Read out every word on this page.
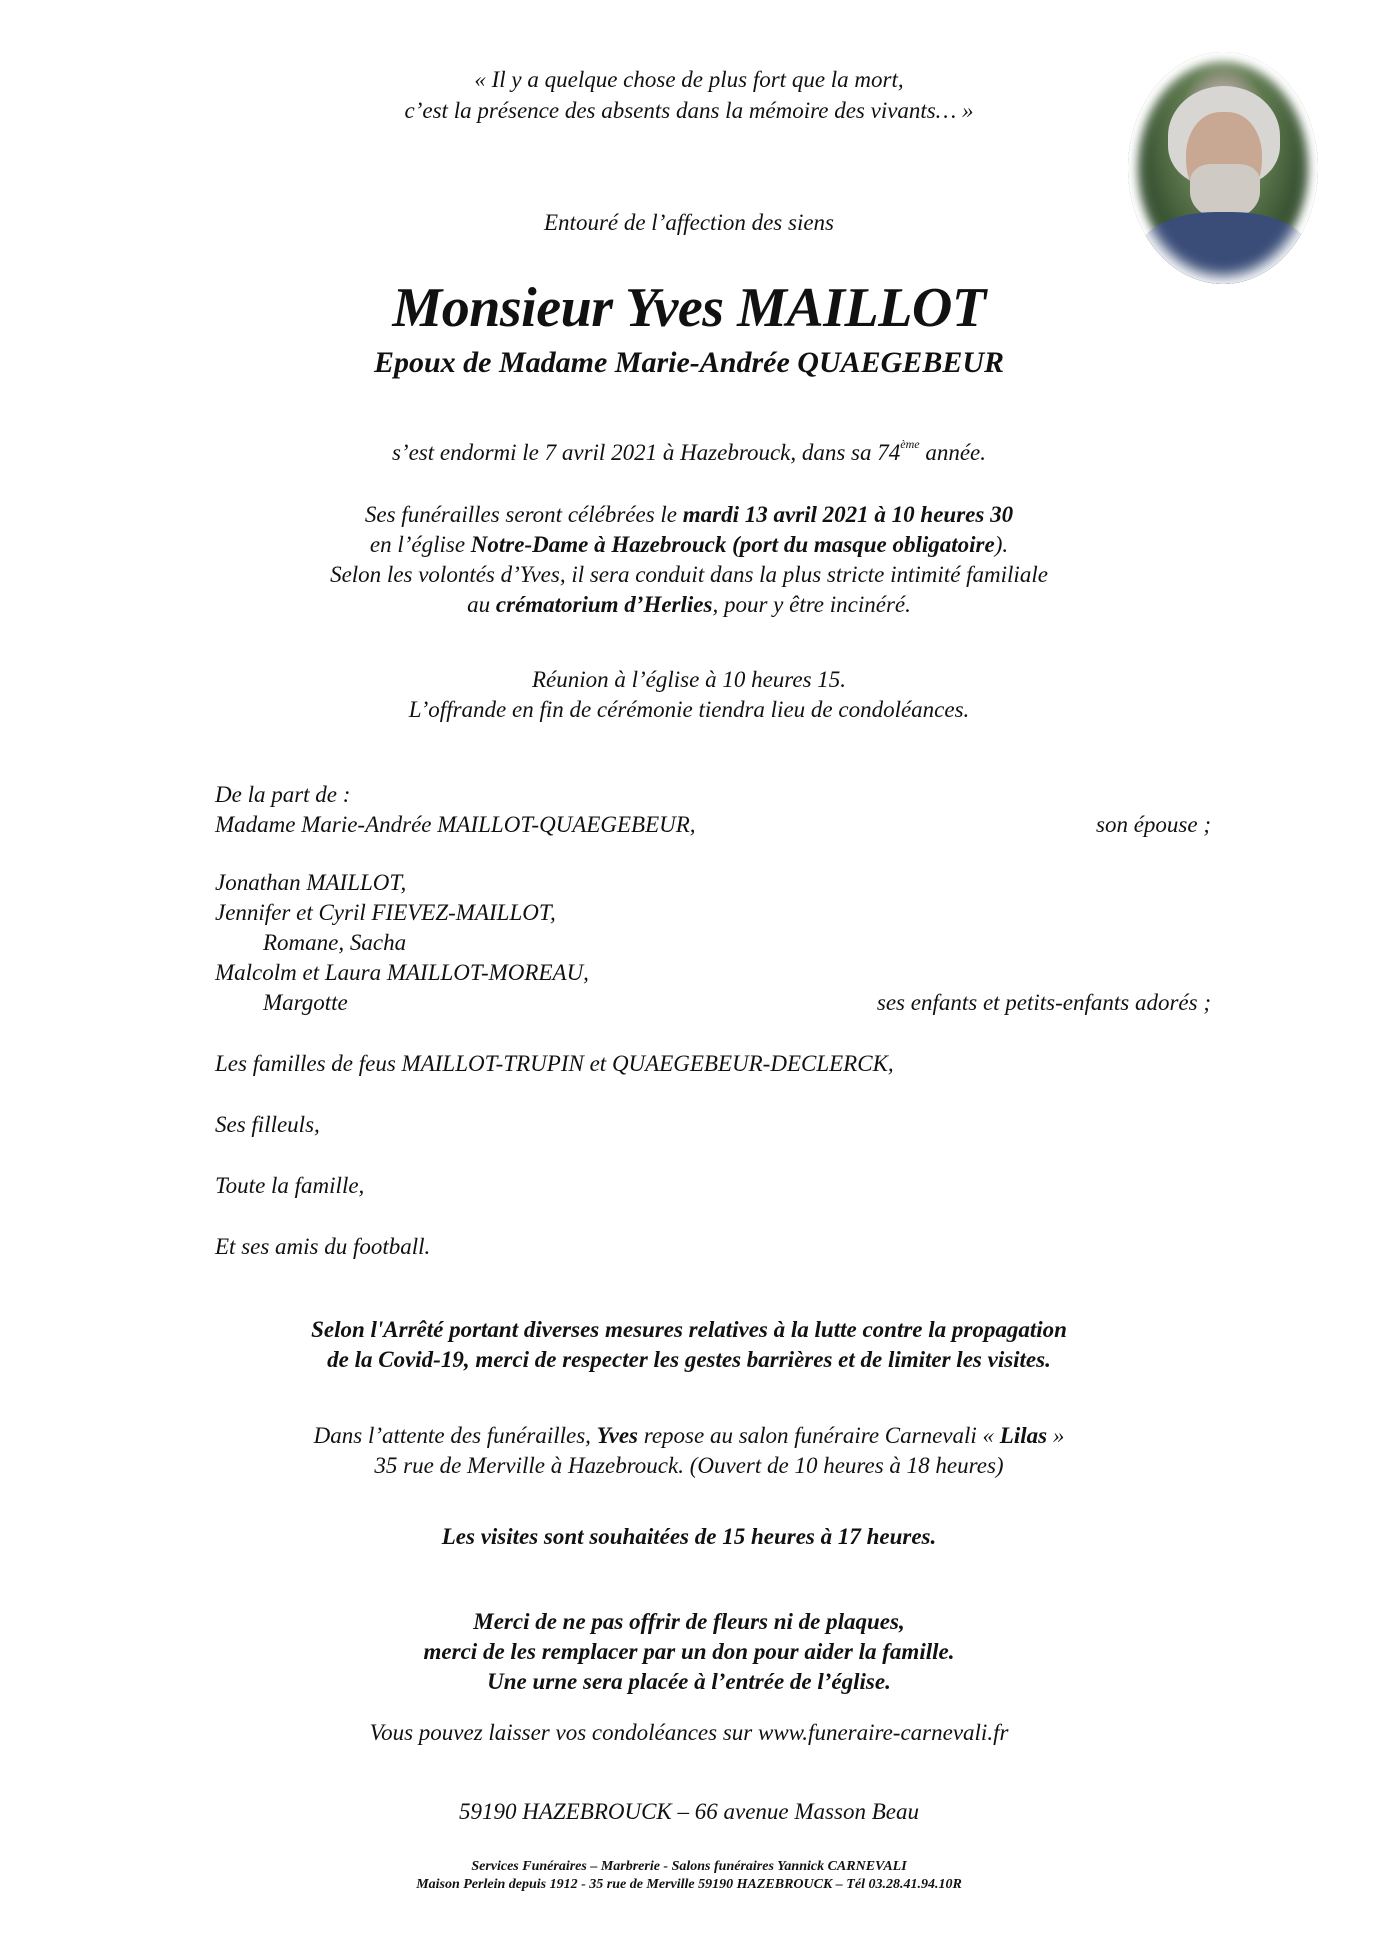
« Il y a quelque chose de plus fort que la mort,
c’est la présence des absents dans la mémoire des vivants… »
Entouré de l’affection des siens
Monsieur Yves MAILLOT
Epoux de Madame Marie-Andrée QUAEGEBEUR
s’est endormi le 7 avril 2021 à Hazebrouck, dans sa 74ème année.
Ses funérailles seront célébrées le mardi 13 avril 2021 à 10 heures 30
en l’église Notre-Dame à Hazebrouck (port du masque obligatoire).
Selon les volontés d’Yves, il sera conduit dans la plus stricte intimité familiale
au crématorium d’Herlies, pour y être incinéré.
Réunion à l’église à 10 heures 15.
L’offrande en fin de cérémonie tiendra lieu de condoléances.
De la part de :
Madame Marie-Andrée MAILLOT-QUAEGEBEUR,	son épouse ;
Jonathan MAILLOT,
Jennifer et Cyril FIEVEZ-MAILLOT,
Romane, Sacha
Malcolm et Laura MAILLOT-MOREAU,
Margotte	ses enfants et petits-enfants adorés ;
Les familles de feus MAILLOT-TRUPIN et QUAEGEBEUR-DECLERCK,
Ses filleuls,
Toute la famille,
Et ses amis du football.
Selon l'Arrêté portant diverses mesures relatives à la lutte contre la propagation
de la Covid-19, merci de respecter les gestes barrières et de limiter les visites.
Dans l’attente des funérailles, Yves repose au salon funéraire Carnevali « Lilas »
35 rue de Merville à Hazebrouck. (Ouvert de 10 heures à 18 heures)
Les visites sont souhaitées de 15 heures à 17 heures.
Merci de ne pas offrir de fleurs ni de plaques,
merci de les remplacer par un don pour aider la famille.
Une urne sera placée à l’entrée de l’église.
Vous pouvez laisser vos condoléances sur www.funeraire-carnevali.fr
59190 HAZEBROUCK – 66 avenue Masson Beau
Services Funéraires – Marbrerie - Salons funéraires Yannick CARNEVALI
Maison Perlein depuis 1912 - 35 rue de Merville 59190 HAZEBROUCK – Tél 03.28.41.94.10R
